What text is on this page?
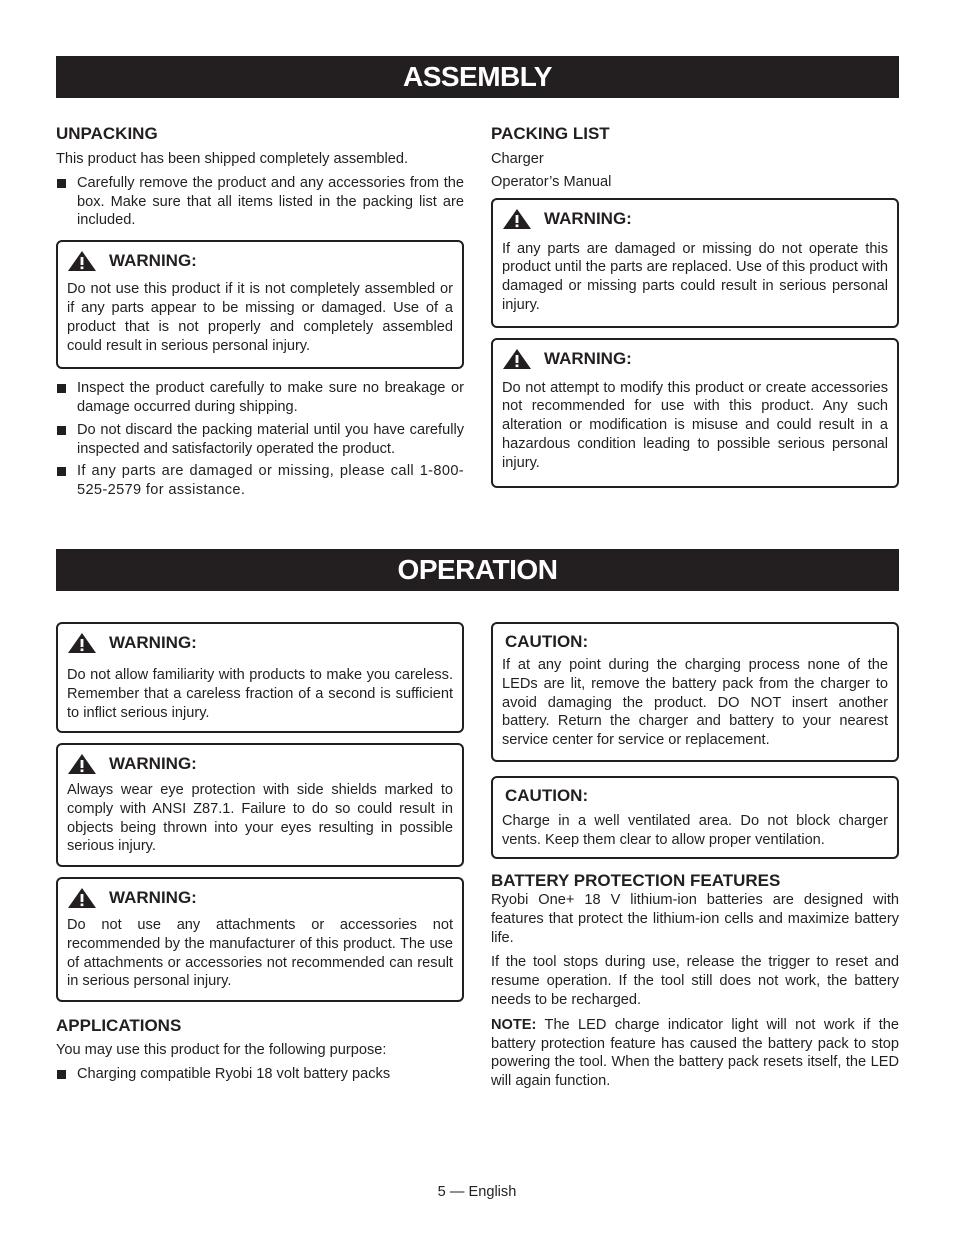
ASSEMBLY
UNPACKING

This product has been shipped completely assembled.

Carefully remove the product and any accessories from the box. Make sure that all items listed in the packing list are included.
WARNING:
Do not use this product if it is not completely assembled or if any parts appear to be missing or damaged. Use of a product that is not properly and completely assembled could result in serious personal injury.
Inspect the product carefully to make sure no breakage or damage occurred during shipping.
Do not discard the packing material until you have carefully inspected and satisfactorily operated the product.
If any parts are damaged or missing, please call 1-800-525-2579 for assistance.
PACKING LIST

Charger

Operator’s Manual

WARNING:
If any parts are damaged or missing do not operate this product until the parts are replaced. Use of this product with damaged or missing parts could result in serious personal injury.
WARNING:
Do not attempt to modify this product or create accessories not recommended for use with this product. Any such alteration or modification is misuse and could result in a hazardous condition leading to possible serious personal injury.
OPERATION
WARNING:
Do not allow familiarity with products to make you careless. Remember that a careless fraction of a second is sufficient to inflict serious injury.
WARNING:
Always wear eye protection with side shields marked to comply with ANSI Z87.1. Failure to do so could result in objects being thrown into your eyes resulting in possible serious injury.
WARNING:
Do not use any attachments or accessories not recommended by the manufacturer of this product. The use of attachments or accessories not recommended can result in serious personal injury.
APPLICATIONS

You may use this product for the following purpose:

Charging compatible Ryobi 18 volt battery packs
CAUTION:
If at any point during the charging process none of the LEDs are lit, remove the battery pack from the charger to avoid damaging the product. DO NOT insert another battery. Return the charger and battery to your nearest service center for service or replacement.
CAUTION:
Charge in a well ventilated area. Do not block charger vents. Keep them clear to allow proper ventilation.
BATTERY PROTECTION FEATURES

Ryobi One+ 18 V lithium-ion batteries are designed with features that protect the lithium-ion cells and maximize battery life.

If the tool stops during use, release the trigger to reset and resume operation. If the tool still does not work, the battery needs to be recharged.

NOTE: The LED charge indicator light will not work if the battery protection feature has caused the battery pack to stop powering the tool. When the battery pack resets itself, the LED will again function.

5 — English
